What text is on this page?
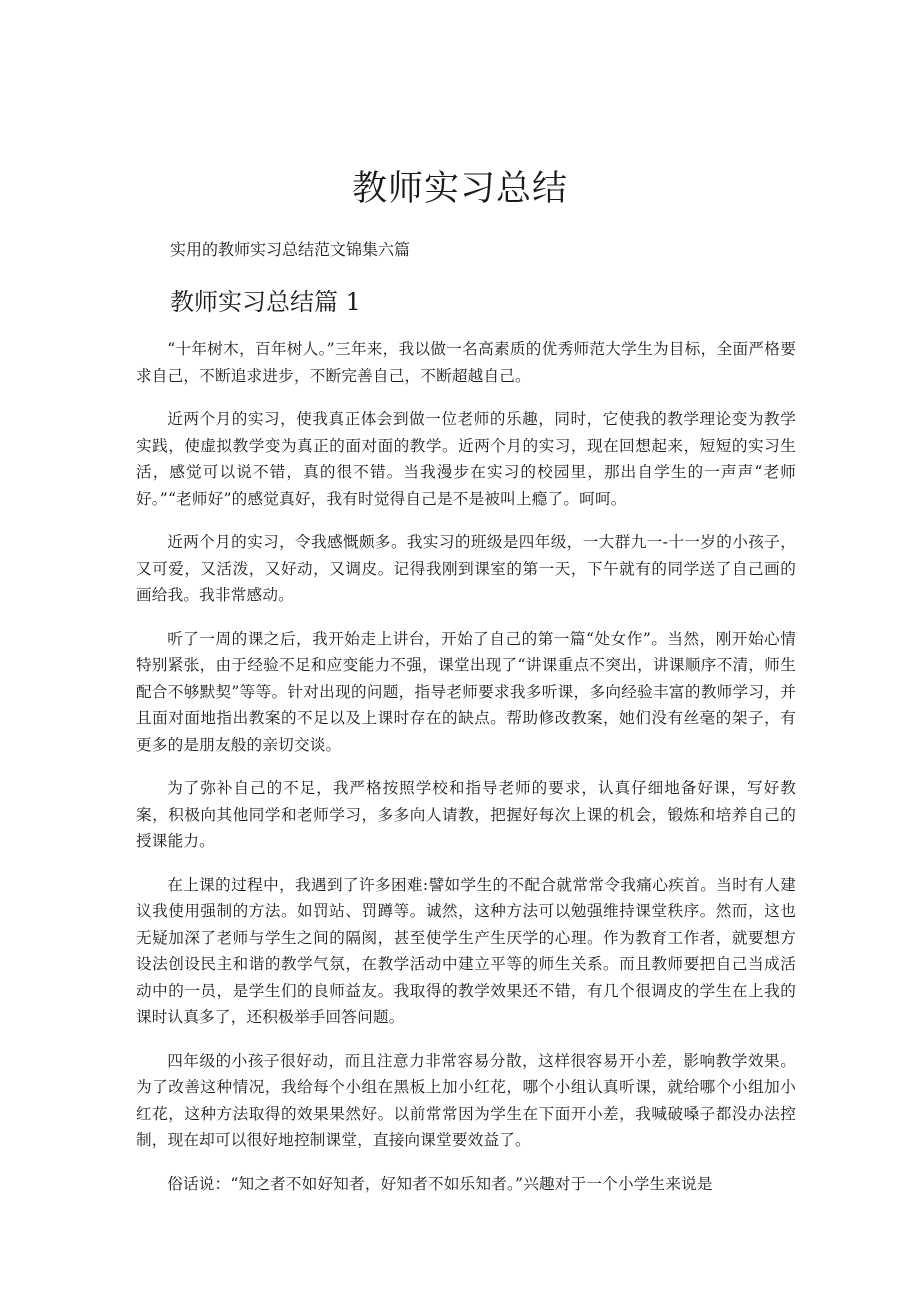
教师实习总结

实用的教师实习总结范文锦集六篇

教师实习总结篇 1

“十年树木，百年树人。”三年来，我以做一名高素质的优秀师范大学生为目标，全面严格要求自己，不断追求进步，不断完善自己，不断超越自己。

近两个月的实习，使我真正体会到做一位老师的乐趣，同时，它使我的教学理论变为教学实践，使虚拟教学变为真正的面对面的教学。近两个月的实习，现在回想起来，短短的实习生活，感觉可以说不错，真的很不错。当我漫步在实习的校园里，那出自学生的一声声“老师好。”“老师好”的感觉真好，我有时觉得自己是不是被叫上瘾了。呵呵。

近两个月的实习，令我感慨颇多。我实习的班级是四年级，一大群九一-十一岁的小孩子，又可爱，又活泼，又好动，又调皮。记得我刚到课室的第一天，下午就有的同学送了自己画的画给我。我非常感动。

听了一周的课之后，我开始走上讲台，开始了自己的第一篇“处女作”。当然，刚开始心情特别紧张，由于经验不足和应变能力不强，课堂出现了“讲课重点不突出，讲课顺序不清，师生配合不够默契”等等。针对出现的问题，指导老师要求我多听课，多向经验丰富的教师学习，并且面对面地指出教案的不足以及上课时存在的缺点。帮助修改教案，她们没有丝毫的架子，有更多的是朋友般的亲切交谈。

为了弥补自己的不足，我严格按照学校和指导老师的要求，认真仔细地备好课，写好教案，积极向其他同学和老师学习，多多向人请教，把握好每次上课的机会，锻炼和培养自己的授课能力。

在上课的过程中，我遇到了许多困难:譬如学生的不配合就常常令我痛心疾首。当时有人建议我使用强制的方法。如罚站、罚蹲等。诚然，这种方法可以勉强维持课堂秩序。然而，这也无疑加深了老师与学生之间的隔阂，甚至使学生产生厌学的心理。作为教育工作者，就要想方设法创设民主和谐的教学气氛，在教学活动中建立平等的师生关系。而且教师要把自己当成活动中的一员，是学生们的良师益友。我取得的教学效果还不错，有几个很调皮的学生在上我的课时认真多了，还积极举手回答问题。

四年级的小孩子很好动，而且注意力非常容易分散，这样很容易开小差，影响教学效果。为了改善这种情况，我给每个小组在黑板上加小红花，哪个小组认真听课，就给哪个小组加小红花，这种方法取得的效果果然好。以前常常因为学生在下面开小差，我喊破嗓子都没办法控制，现在却可以很好地控制课堂，直接向课堂要效益了。

俗话说：“知之者不如好知者，好知者不如乐知者。”兴趣对于一个小学生来说是
